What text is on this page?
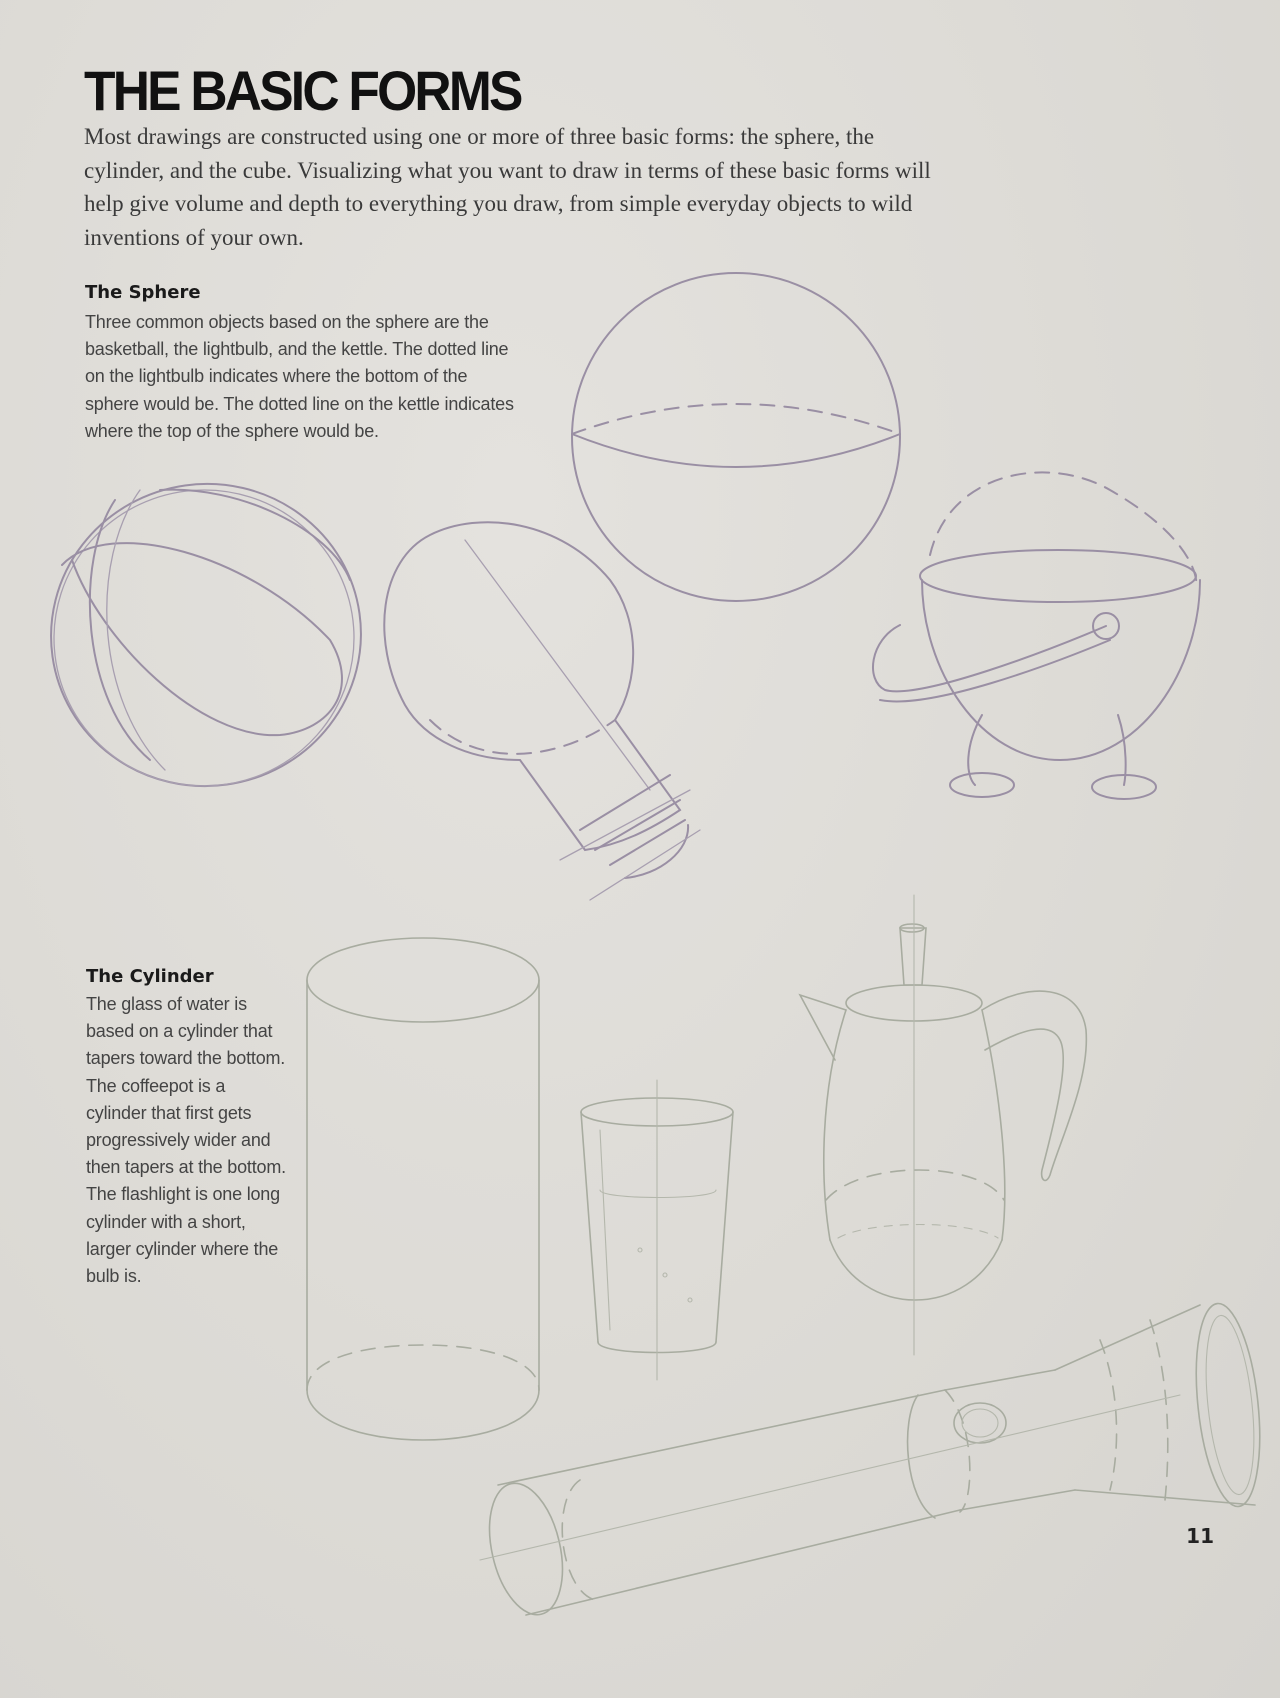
THE BASIC FORMS

Most drawings are constructed using one or more of three basic forms: the sphere, the cylinder, and the cube. Visualizing what you want to draw in terms of these basic forms will help give volume and depth to everything you draw, from simple everyday objects to wild inventions of your own.

The Sphere

Three common objects based on the sphere are the basketball, the lightbulb, and the kettle. The dotted line on the lightbulb indicates where the bottom of the sphere would be. The dotted line on the kettle indicates where the top of the sphere would be.

The Cylinder

The glass of water is based on a cylinder that tapers toward the bottom. The coffeepot is a cylinder that first gets progressively wider and then tapers at the bottom. The flashlight is one long cylinder with a short, larger cylinder where the bulb is.

11
